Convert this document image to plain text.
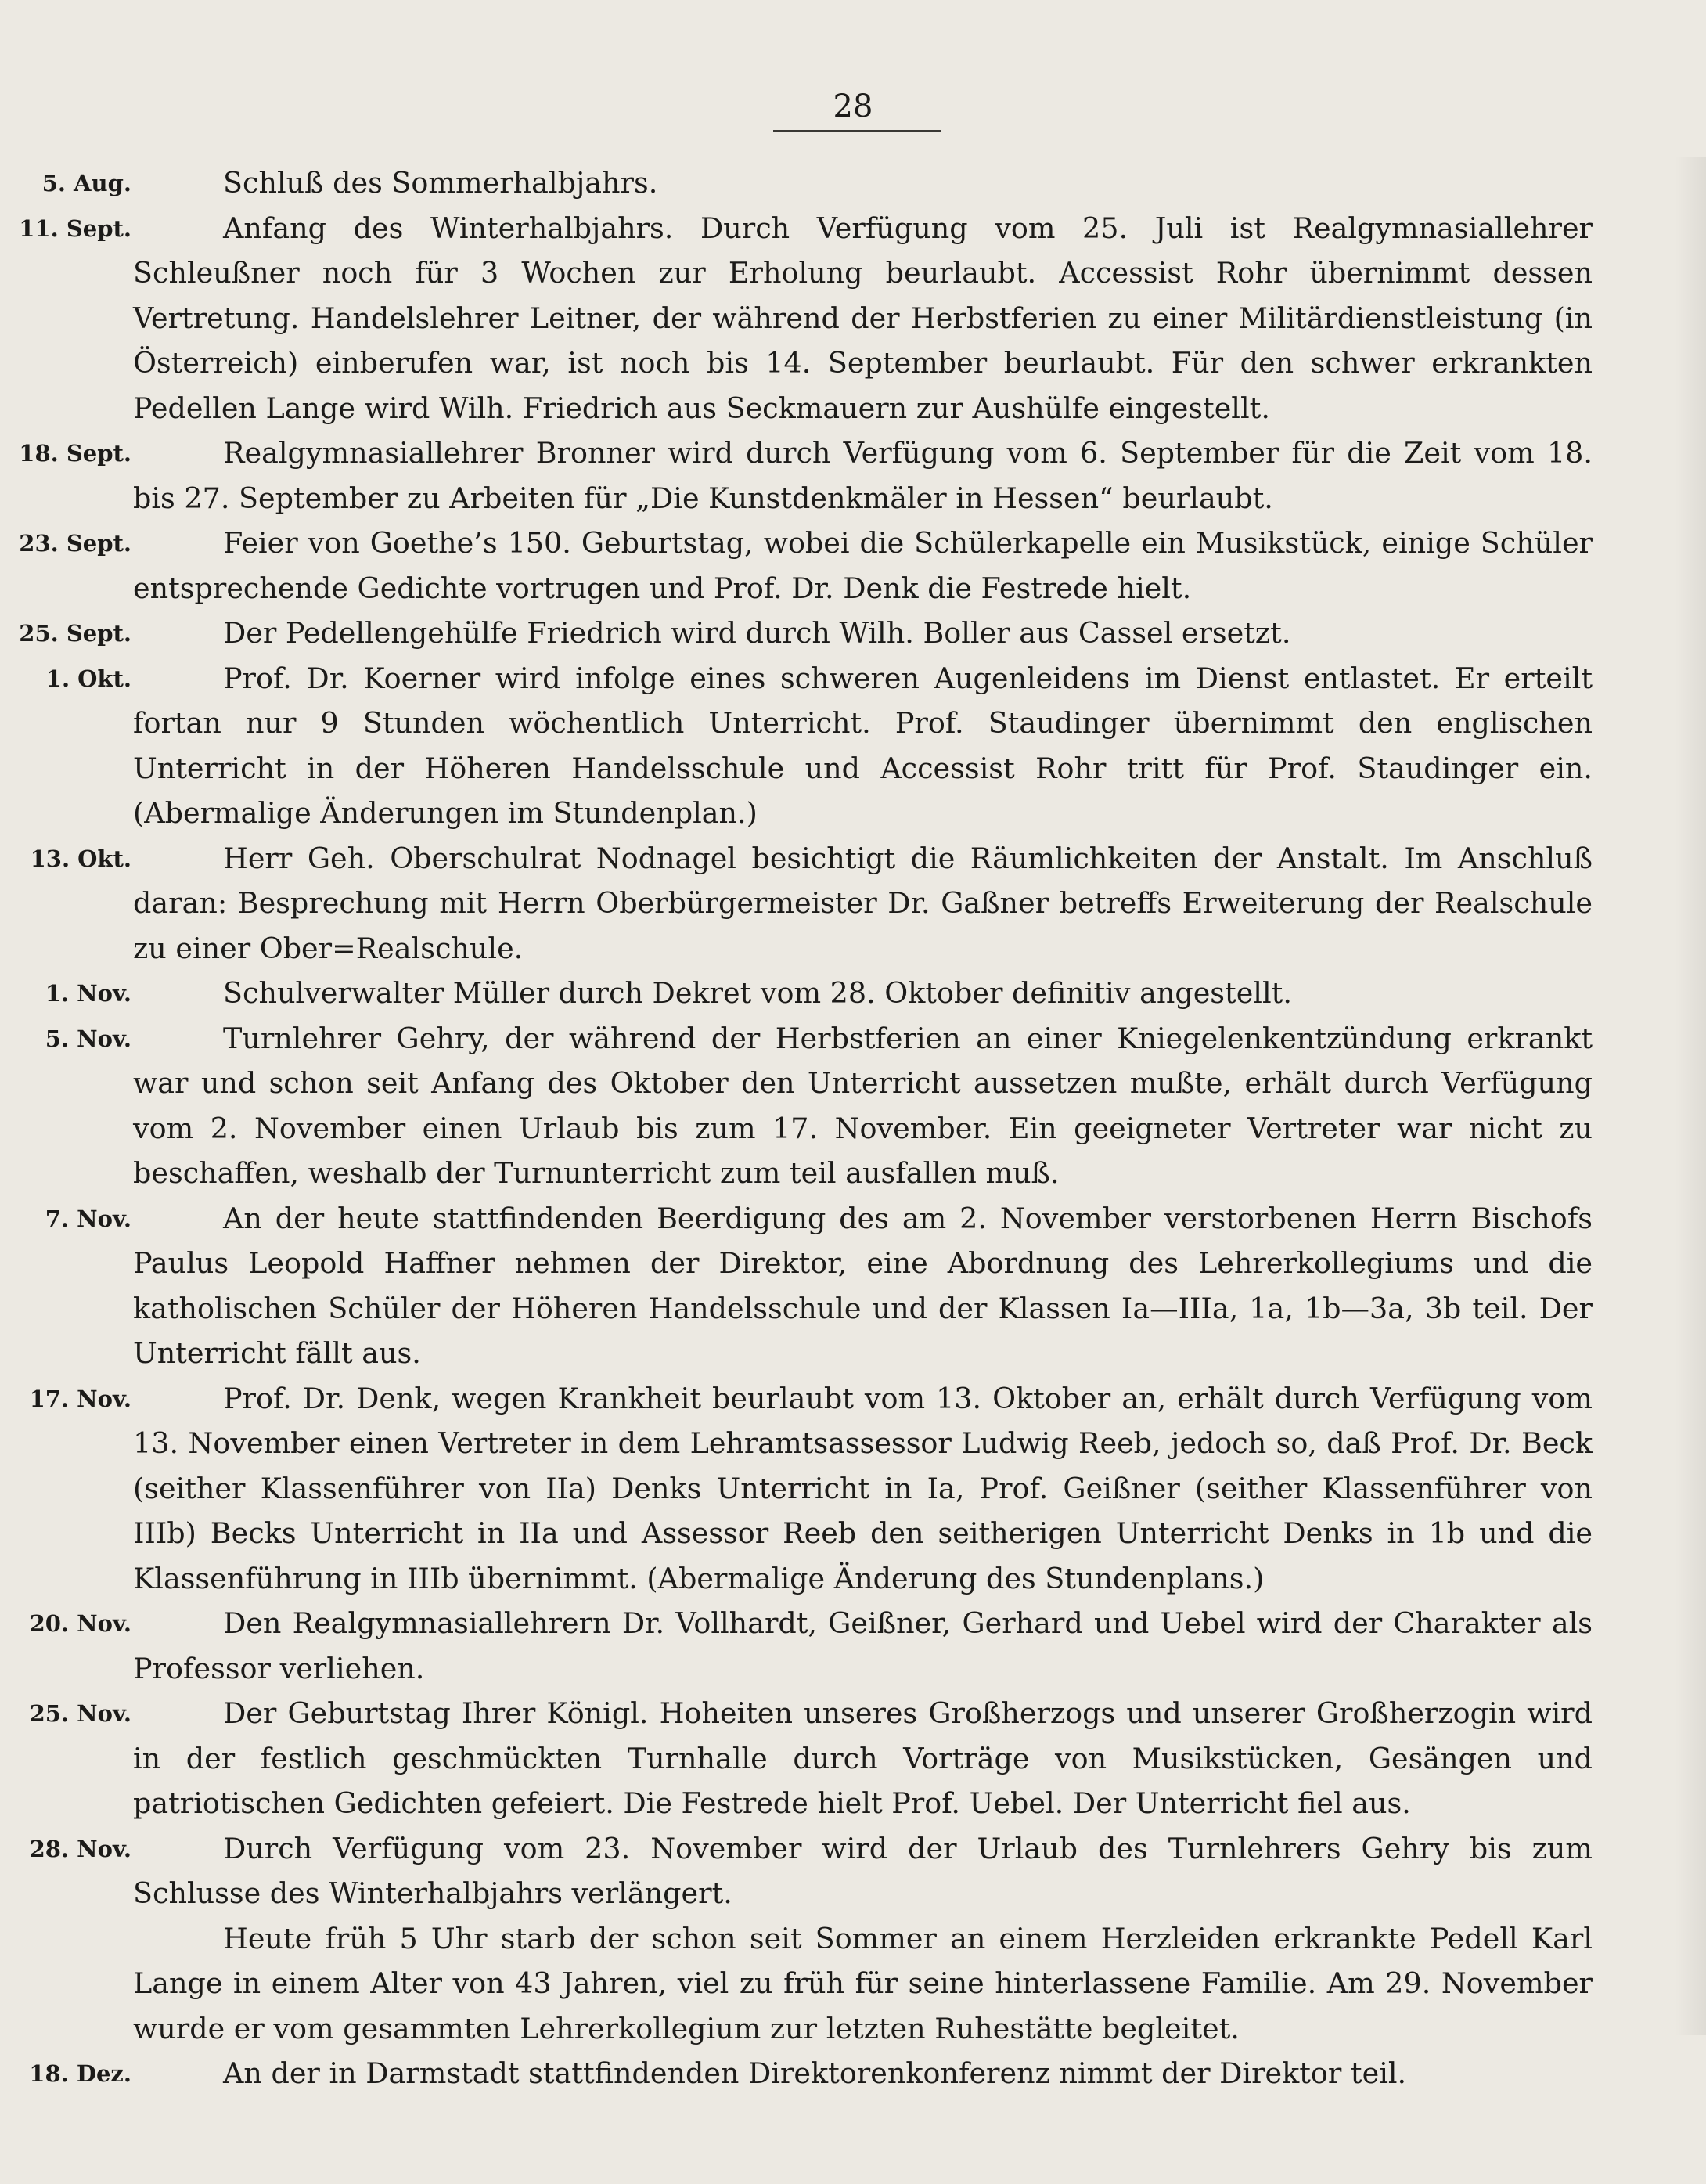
28
5. Aug.	Schluß des Sommerhalbjahrs.
11. Sept.	Anfang des Winterhalbjahrs. Durch Verfügung vom 25. Juli ist Realgymnasiallehrer Schleußner noch für 3 Wochen zur Erholung beurlaubt. Accessist Rohr übernimmt dessen Vertretung. Handelslehrer Leitner, der während der Herbstferien zu einer Militärdienstleistung (in Österreich) einberufen war, ist noch bis 14. September beurlaubt. Für den schwer erkrankten Pedellen Lange wird Wilh. Friedrich aus Seckmauern zur Aushülfe eingestellt.
18. Sept.	Realgymnasiallehrer Bronner wird durch Verfügung vom 6. September für die Zeit vom 18. bis 27. September zu Arbeiten für „Die Kunstdenkmäler in Hessen“ beurlaubt.
23. Sept.	Feier von Goethe’s 150. Geburtstag, wobei die Schülerkapelle ein Musikstück, einige Schüler entsprechende Gedichte vortrugen und Prof. Dr. Denk die Festrede hielt.
25. Sept.	Der Pedellengehülfe Friedrich wird durch Wilh. Boller aus Cassel ersetzt.
1. Okt.	Prof. Dr. Koerner wird infolge eines schweren Augenleidens im Dienst entlastet. Er erteilt fortan nur 9 Stunden wöchentlich Unterricht. Prof. Staudinger übernimmt den englischen Unterricht in der Höheren Handelsschule und Accessist Rohr tritt für Prof. Staudinger ein. (Abermalige Änderungen im Stundenplan.)
13. Okt.	Herr Geh. Oberschulrat Nodnagel besichtigt die Räumlichkeiten der Anstalt. Im Anschluß daran: Besprechung mit Herrn Oberbürgermeister Dr. Gaßner betreffs Erweiterung der Realschule zu einer Ober=Realschule.
1. Nov.	Schulverwalter Müller durch Dekret vom 28. Oktober definitiv angestellt.
5. Nov.	Turnlehrer Gehry, der während der Herbstferien an einer Kniegelenkentzündung erkrankt war und schon seit Anfang des Oktober den Unterricht aussetzen mußte, erhält durch Verfügung vom 2. November einen Urlaub bis zum 17. November. Ein geeigneter Vertreter war nicht zu beschaffen, weshalb der Turnunterricht zum teil ausfallen muß.
7. Nov.	An der heute stattfindenden Beerdigung des am 2. November verstorbenen Herrn Bischofs Paulus Leopold Haffner nehmen der Direktor, eine Abordnung des Lehrerkollegiums und die katholischen Schüler der Höheren Handelsschule und der Klassen Ia—IIIa, 1a, 1b—3a, 3b teil. Der Unterricht fällt aus.
17. Nov.	Prof. Dr. Denk, wegen Krankheit beurlaubt vom 13. Oktober an, erhält durch Verfügung vom 13. November einen Vertreter in dem Lehramtsassessor Ludwig Reeb, jedoch so, daß Prof. Dr. Beck (seither Klassenführer von IIa) Denks Unterricht in Ia, Prof. Geißner (seither Klassenführer von IIIb) Becks Unterricht in IIa und Assessor Reeb den seitherigen Unterricht Denks in 1b und die Klassenführung in IIIb übernimmt. (Abermalige Änderung des Stundenplans.)
20. Nov.	Den Realgymnasiallehrern Dr. Vollhardt, Geißner, Gerhard und Uebel wird der Charakter als Professor verliehen.
25. Nov.	Der Geburtstag Ihrer Königl. Hoheiten unseres Großherzogs und unserer Großherzogin wird in der festlich geschmückten Turnhalle durch Vorträge von Musikstücken, Gesängen und patriotischen Gedichten gefeiert. Die Festrede hielt Prof. Uebel. Der Unterricht fiel aus.
28. Nov.	Durch Verfügung vom 23. November wird der Urlaub des Turnlehrers Gehry bis zum Schlusse des Winterhalbjahrs verlängert.
Heute früh 5 Uhr starb der schon seit Sommer an einem Herzleiden erkrankte Pedell Karl Lange in einem Alter von 43 Jahren, viel zu früh für seine hinterlassene Familie. Am 29. November wurde er vom gesammten Lehrerkollegium zur letzten Ruhestätte begleitet.
18. Dez.	An der in Darmstadt stattfindenden Direktorenkonferenz nimmt der Direktor teil.
